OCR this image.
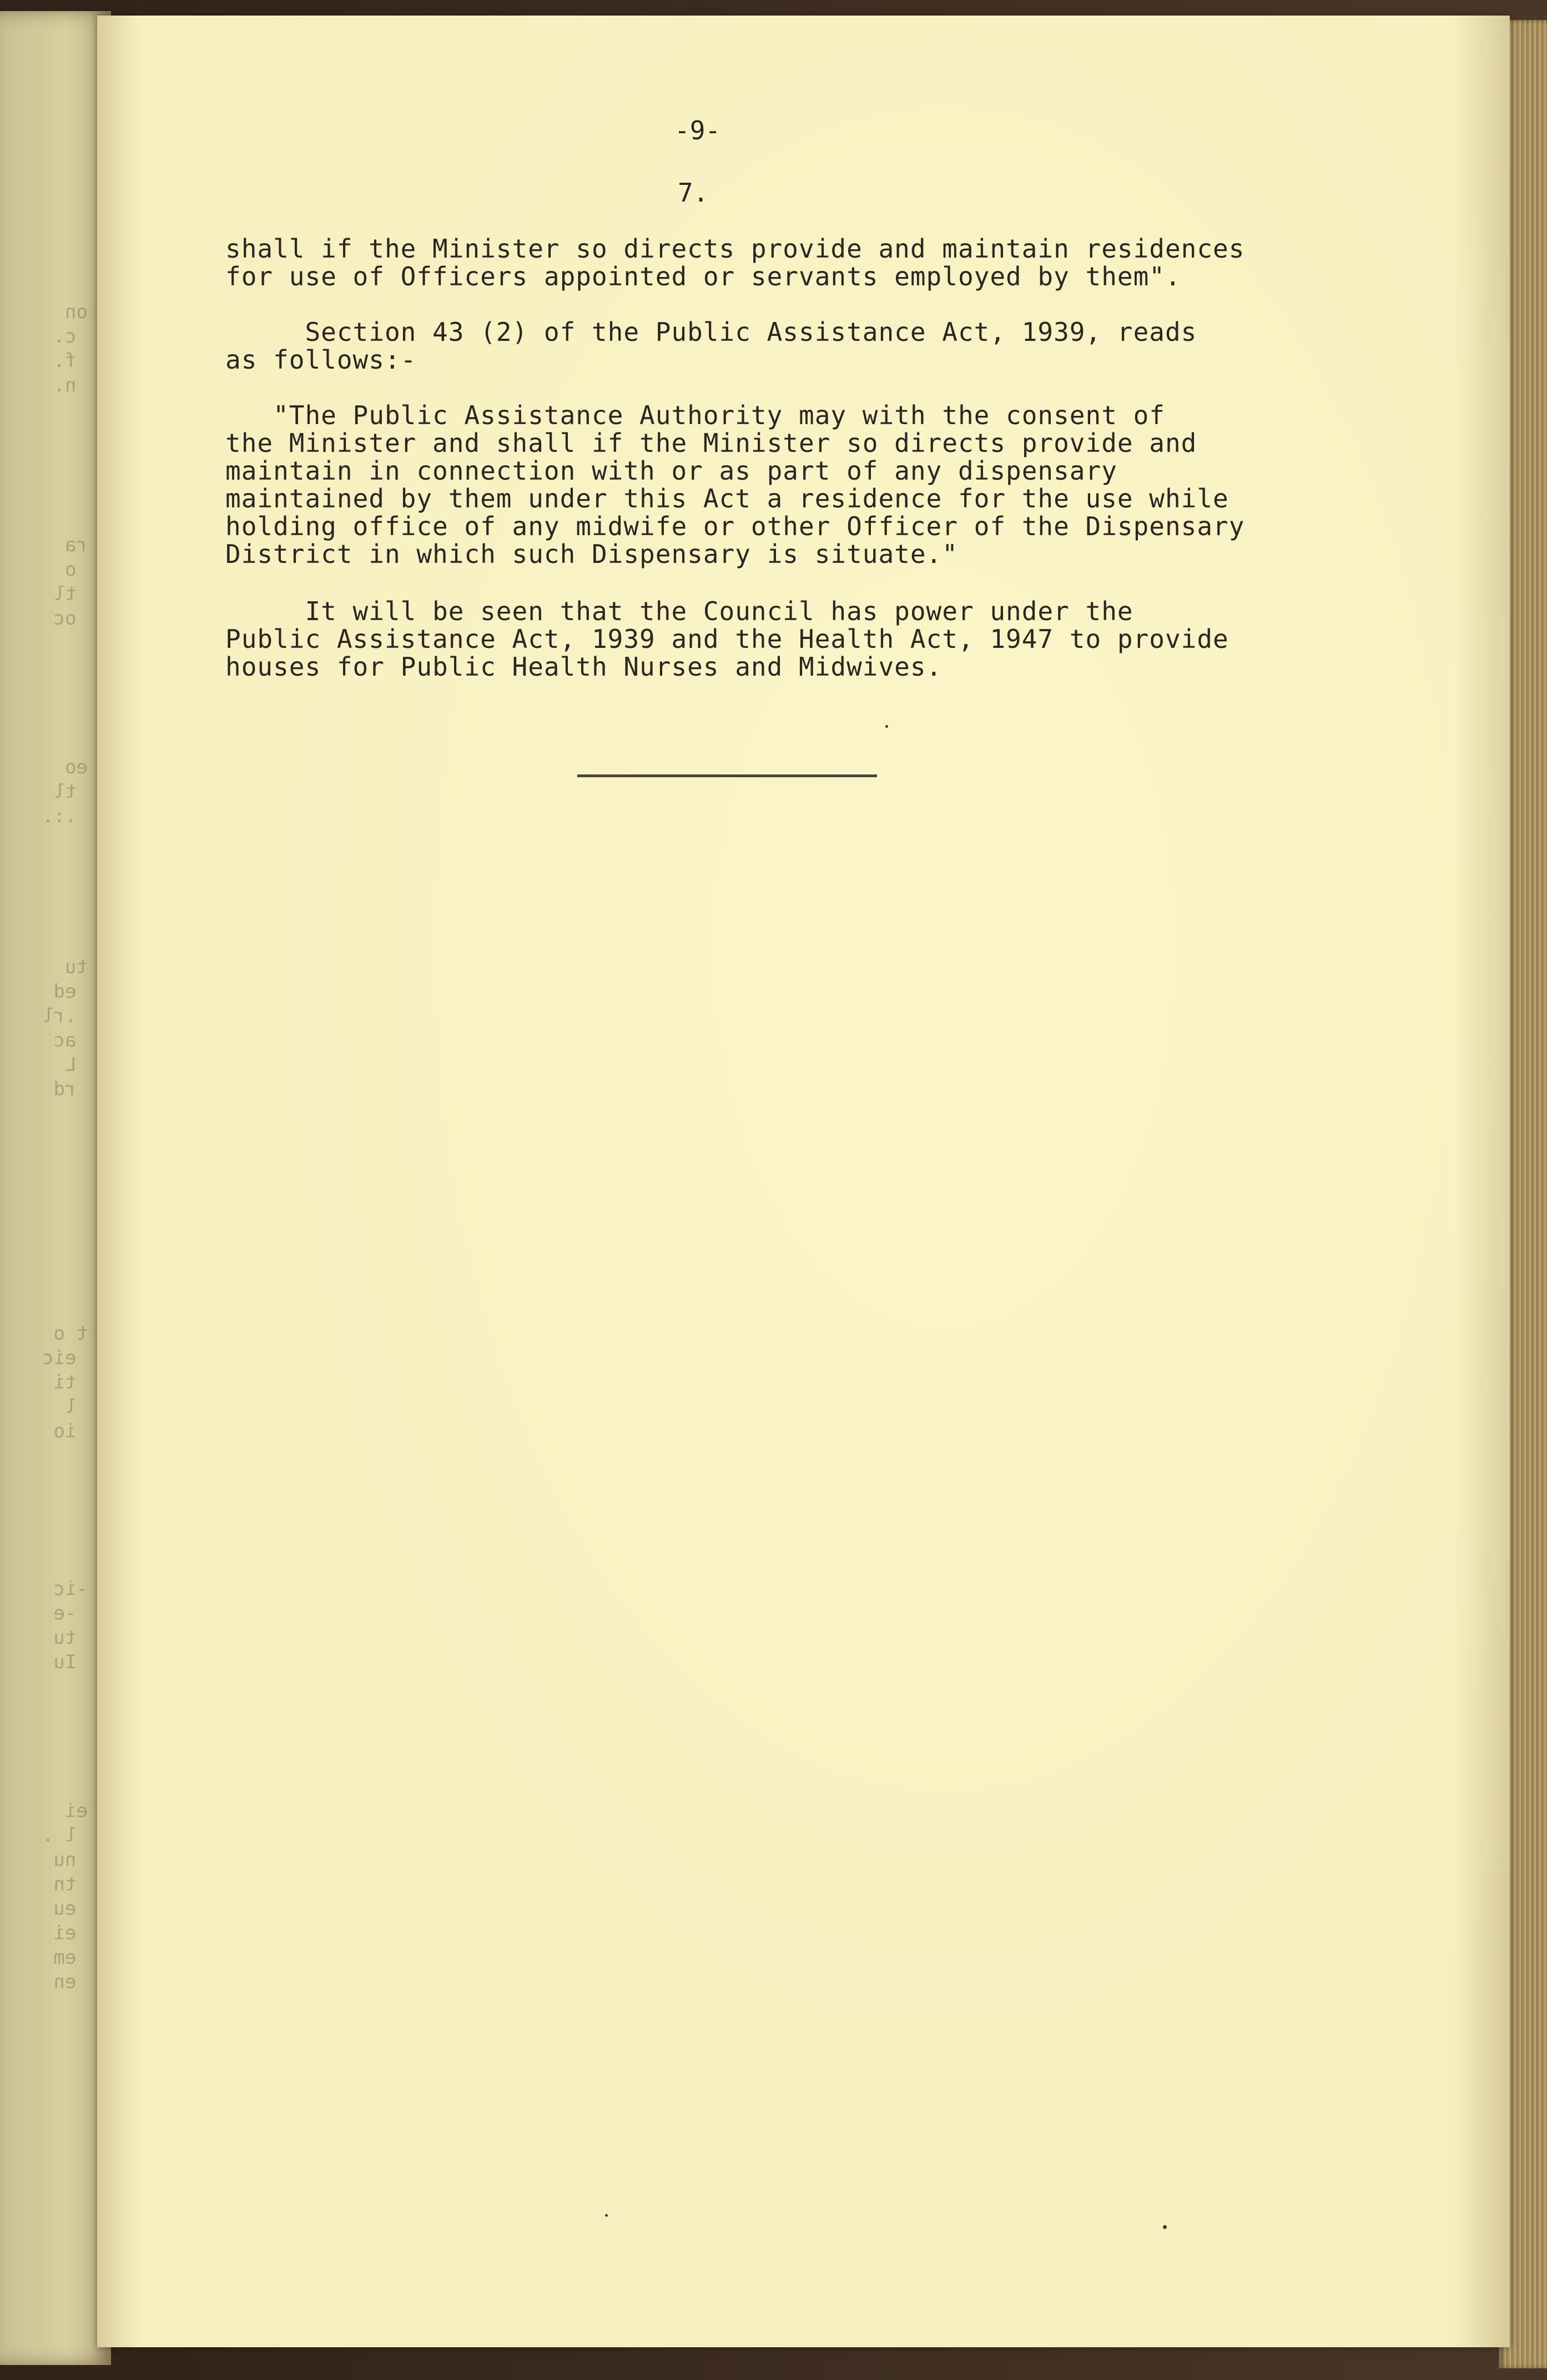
on
c.
f.
n.
ra
o
tl
oc
eo
tl
.:.
tu
ed
.rl
ac
L
rd
t o
eic
ti
l
io
-ic
-e
tu
Iu
ei
l .
nu
tn
eu
ei
em
en
-9-
7.
shall if the Minister so directs provide and maintain residences
for use of Officers appointed or servants employed by them".
Section 43 (2) of the Public Assistance Act, 1939, reads
as follows:-
"The Public Assistance Authority may with the consent of
the Minister and shall if the Minister so directs provide and
maintain in connection with or as part of any dispensary
maintained by them under this Act a residence for the use while
holding office of any midwife or other Officer of the Dispensary
District in which such Dispensary is situate."
It will be seen that the Council has power under the
Public Assistance Act, 1939 and the Health Act, 1947 to provide
houses for Public Health Nurses and Midwives.
